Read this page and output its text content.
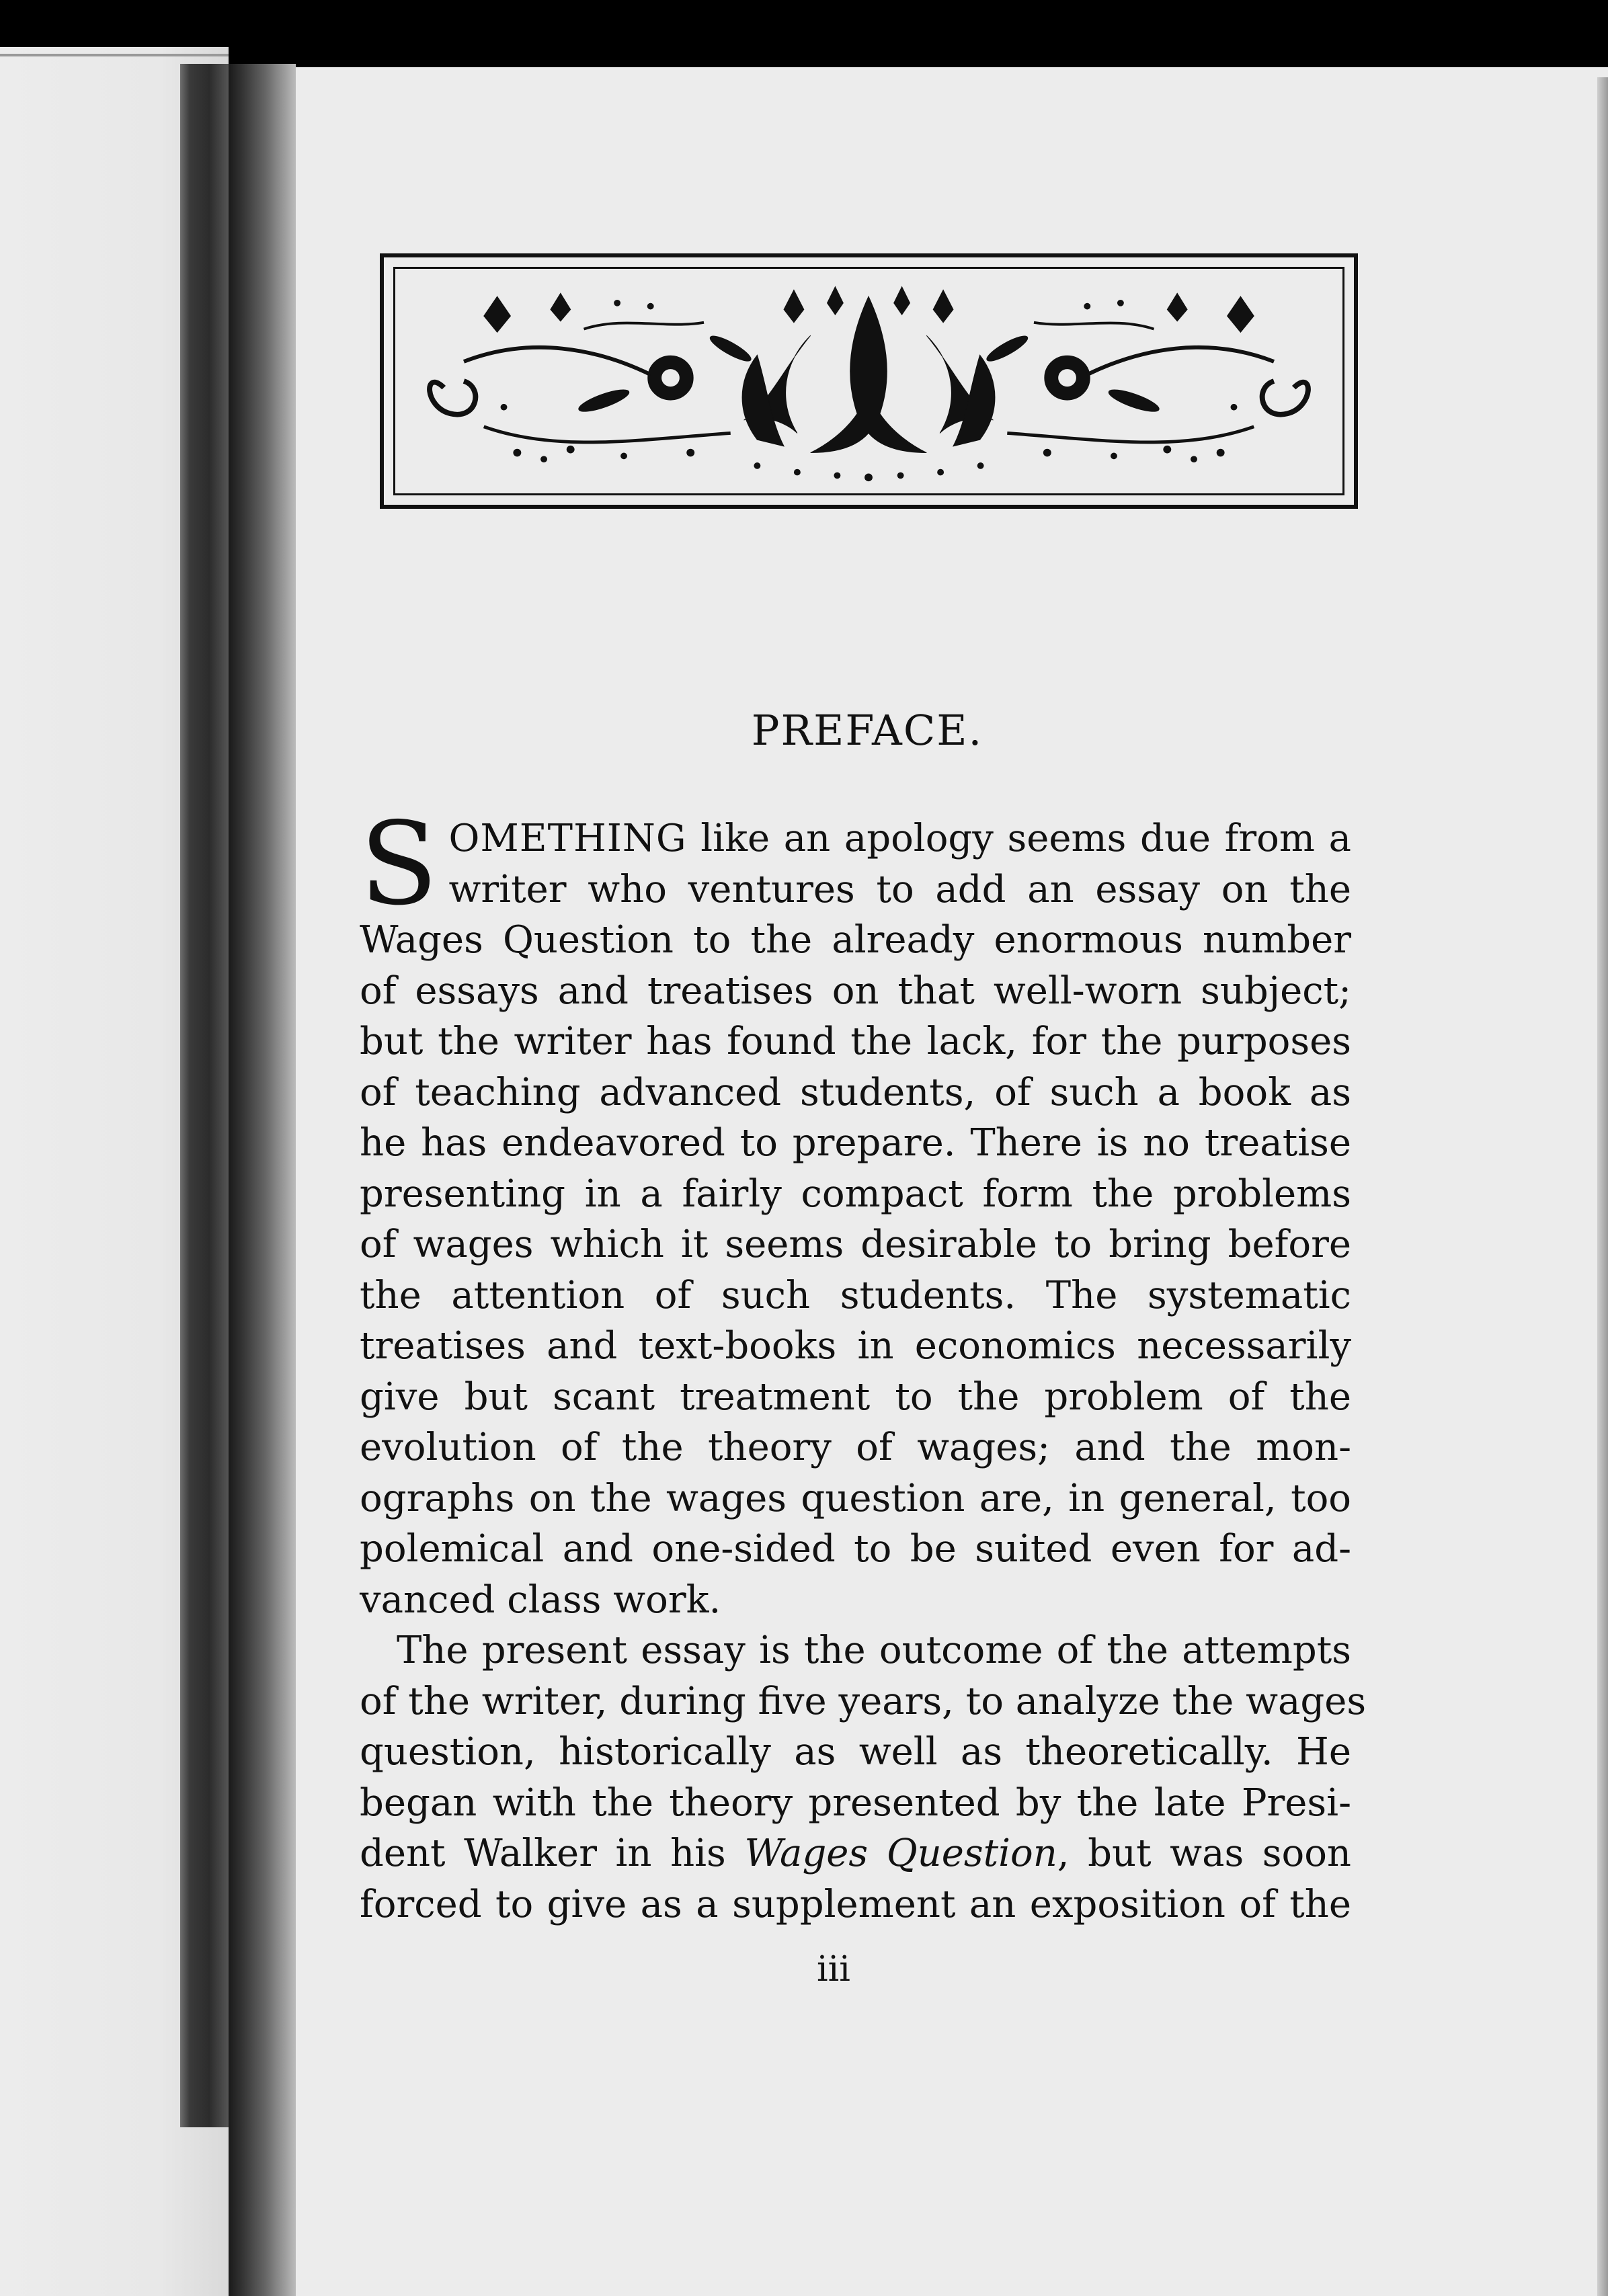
PREFACE.
S OMETHING like an apology seems due from a
writer who ventures to add an essay on the
Wages Question to the already enormous number
of essays and treatises on that well-worn subject;
but the writer has found the lack, for the purposes
of teaching advanced students, of such a book as
he has endeavored to prepare. There is no treatise
presenting in a fairly compact form the problems
of wages which it seems desirable to bring before
the attention of such students. The systematic
treatises and text-books in economics necessarily
give but scant treatment to the problem of the
evolution of the theory of wages; and the mon-
ographs on the wages question are, in general, too
polemical and one-sided to be suited even for ad-
vanced class work.
The present essay is the outcome of the attempts
of the writer, during five years, to analyze the wages
question, historically as well as theoretically. He
began with the theory presented by the late Presi-
dent Walker in his Wages Question, but was soon
forced to give as a supplement an exposition of the
iii
